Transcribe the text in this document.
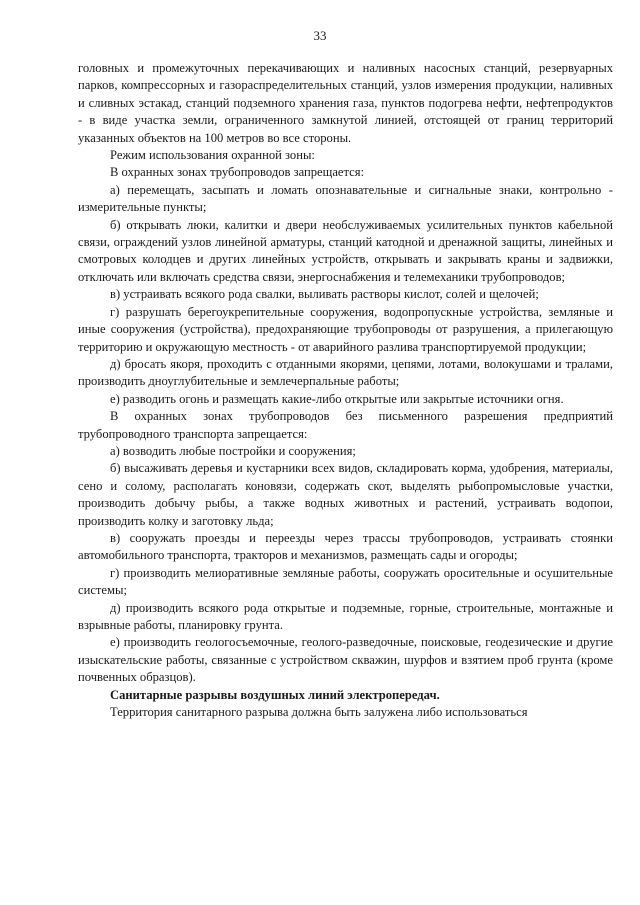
33

головных и промежуточных перекачивающих и наливных насосных станций, резервуарных парков, компрессорных и газораспределительных станций, узлов измерения продукции, наливных и сливных эстакад, станций подземного хранения газа, пунктов подогрева нефти, нефтепродуктов - в виде участка земли, ограниченного замкнутой линией, отстоящей от границ территорий указанных объектов на 100 метров во все стороны.

Режим использования охранной зоны:

В охранных зонах трубопроводов запрещается:

а) перемещать, засыпать и ломать опознавательные и сигнальные знаки, контрольно - измерительные пункты;

б) открывать люки, калитки и двери необслуживаемых усилительных пунктов кабельной связи, ограждений узлов линейной арматуры, станций катодной и дренажной защиты, линейных и смотровых колодцев и других линейных устройств, открывать и закрывать краны и задвижки, отключать или включать средства связи, энергоснабжения и телемеханики трубопроводов;

в) устраивать всякого рода свалки, выливать растворы кислот, солей и щелочей;

г) разрушать берегоукрепительные сооружения, водопропускные устройства, земляные и иные сооружения (устройства), предохраняющие трубопроводы от разрушения, а прилегающую территорию и окружающую местность - от аварийного разлива транспортируемой продукции;

д) бросать якоря, проходить с отданными якорями, цепями, лотами, волокушами и тралами, производить дноуглубительные и землечерпальные работы;

е) разводить огонь и размещать какие-либо открытые или закрытые источники огня.

В охранных зонах трубопроводов без письменного разрешения предприятий трубопроводного транспорта запрещается:

а) возводить любые постройки и сооружения;

б) высаживать деревья и кустарники всех видов, складировать корма, удобрения, материалы, сено и солому, располагать коновязи, содержать скот, выделять рыбопромысловые участки, производить добычу рыбы, а также водных животных и растений, устраивать водопои, производить колку и заготовку льда;

в) сооружать проезды и переезды через трассы трубопроводов, устраивать стоянки автомобильного транспорта, тракторов и механизмов, размещать сады и огороды;

г) производить мелиоративные земляные работы, сооружать оросительные и осушительные системы;

д) производить всякого рода открытые и подземные, горные, строительные, монтажные и взрывные работы, планировку грунта.

е) производить геологосъемочные, геолого-разведочные, поисковые, геодезические и другие изыскательские работы, связанные с устройством скважин, шурфов и взятием проб грунта (кроме почвенных образцов).

Санитарные разрывы воздушных линий электропередач.

Территория санитарного разрыва должна быть залужена либо использоваться
